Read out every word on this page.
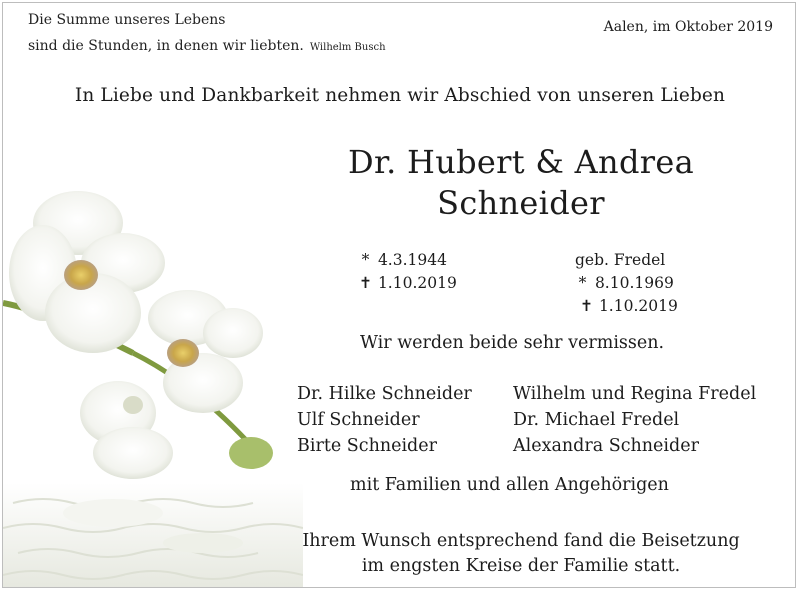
Die Summe unseres Lebens
sind die Stunden, in denen wir liebten. Wilhelm Busch
Aalen, im Oktober 2019
In Liebe und Dankbarkeit nehmen wir Abschied von unseren Lieben
Dr. Hubert & Andrea
Schneider
* 4.3.1944
✝ 1.10.2019
geb. Fredel
* 8.10.1969
✝ 1.10.2019
Wir werden beide sehr vermissen.
Dr. Hilke Schneider
Ulf Schneider
Birte Schneider
Wilhelm und Regina Fredel
Dr. Michael Fredel
Alexandra Schneider
mit Familien und allen Angehörigen
Ihrem Wunsch entsprechend fand die Beisetzung
im engsten Kreise der Familie statt.
